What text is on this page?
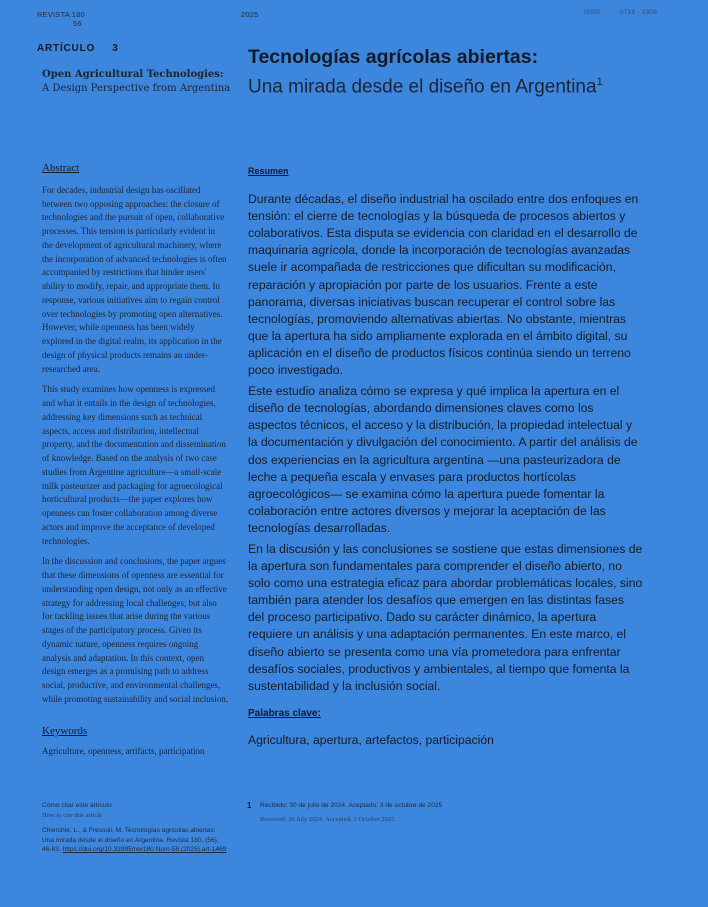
REVISTA 180
56
2025	ISSN	0718 - 2309
ARTÍCULO 3
Open Agricultural Technologies:
A Design Perspective from Argentina
Tecnologías agrícolas abiertas:
Una mirada desde el diseño en Argentina$^1$
Abstract

For decades, industrial design has oscillated between two opposing approaches: the closure of technologies and the pursuit of open, collaborative processes. This tension is particularly evident in the development of agricultural machinery, where the incorporation of advanced technologies is often accompanied by restrictions that hinder users' ability to modify, repair, and appropriate them. In response, various initiatives aim to regain control over technologies by promoting open alternatives. However, while openness has been widely explored in the digital realm, its application in the design of physical products remains an under-researched area.

This study examines how openness is expressed and what it entails in the design of technologies, addressing key dimensions such as technical aspects, access and distribution, intellectual property, and the documentation and dissemination of knowledge. Based on the analysis of two case studies from Argentine agriculture—a small-scale milk pasteurizer and packaging for agroecological horticultural products—the paper explores how openness can foster collaboration among diverse actors and improve the acceptance of developed technologies.

In the discussion and conclusions, the paper argues that these dimensions of openness are essential for understanding open design, not only as an effective strategy for addressing local challenges, but also for tackling issues that arise during the various stages of the participatory process. Given its dynamic nature, openness requires ongoing analysis and adaptation. In this context, open design emerges as a promising path to address social, productive, and environmental challenges, while promoting sustainability and social inclusion.

Keywords

Agriculture, openness, artifacts, participation

Resumen

Durante décadas, el diseño industrial ha oscilado entre dos enfoques en tensión: el cierre de tecnologías y la búsqueda de procesos abiertos y colaborativos. Esta disputa se evidencia con claridad en el desarrollo de maquinaria agrícola, donde la incorporación de tecnologías avanzadas suele ir acompañada de restricciones que dificultan su modificación, reparación y apropiación por parte de los usuarios. Frente a este panorama, diversas iniciativas buscan recuperar el control sobre las tecnologías, promoviendo alternativas abiertas. No obstante, mientras que la apertura ha sido ampliamente explorada en el ámbito digital, su aplicación en el diseño de productos físicos continúa siendo un terreno poco investigado.

Este estudio analiza cómo se expresa y qué implica la apertura en el diseño de tecnologías, abordando dimensiones claves como los aspectos técnicos, el acceso y la distribución, la propiedad intelectual y la documentación y divulgación del conocimiento. A partir del análisis de dos experiencias en la agricultura argentina —una pasteurizadora de leche a pequeña escala y envases para productos hortícolas agroecológicos— se examina cómo la apertura puede fomentar la colaboración entre actores diversos y mejorar la aceptación de las tecnologías desarrolladas.

En la discusión y las conclusiones se sostiene que estas dimensiones de la apertura son fundamentales para comprender el diseño abierto, no solo como una estrategia eficaz para abordar problemáticas locales, sino también para atender los desafíos que emergen en las distintas fases del proceso participativo. Dado su carácter dinámico, la apertura requiere un análisis y una adaptación permanentes. En este marco, el diseño abierto se presenta como una vía prometedora para enfrentar desafíos sociales, productivos y ambientales, al tiempo que fomenta la sustentabilidad y la inclusión social.

Palabras clave:

Agricultura, apertura, artefactos, participación

Cómo citar este artículo
How to cite this article
Chierchie, L., & Fressoli, M. Tecnologías agrícolas abiertas: Una mirada desde el diseño en Argentina. Revista 180, (56), 46-63. https://doi.org/10.32995/rev180.Num-56.(2025).art-1469
1 Recibido: 30 de julio de 2024. Aceptado: 3 de octubre de 2025
Received: 30 July 2024. Accepted: 3 October 2025
